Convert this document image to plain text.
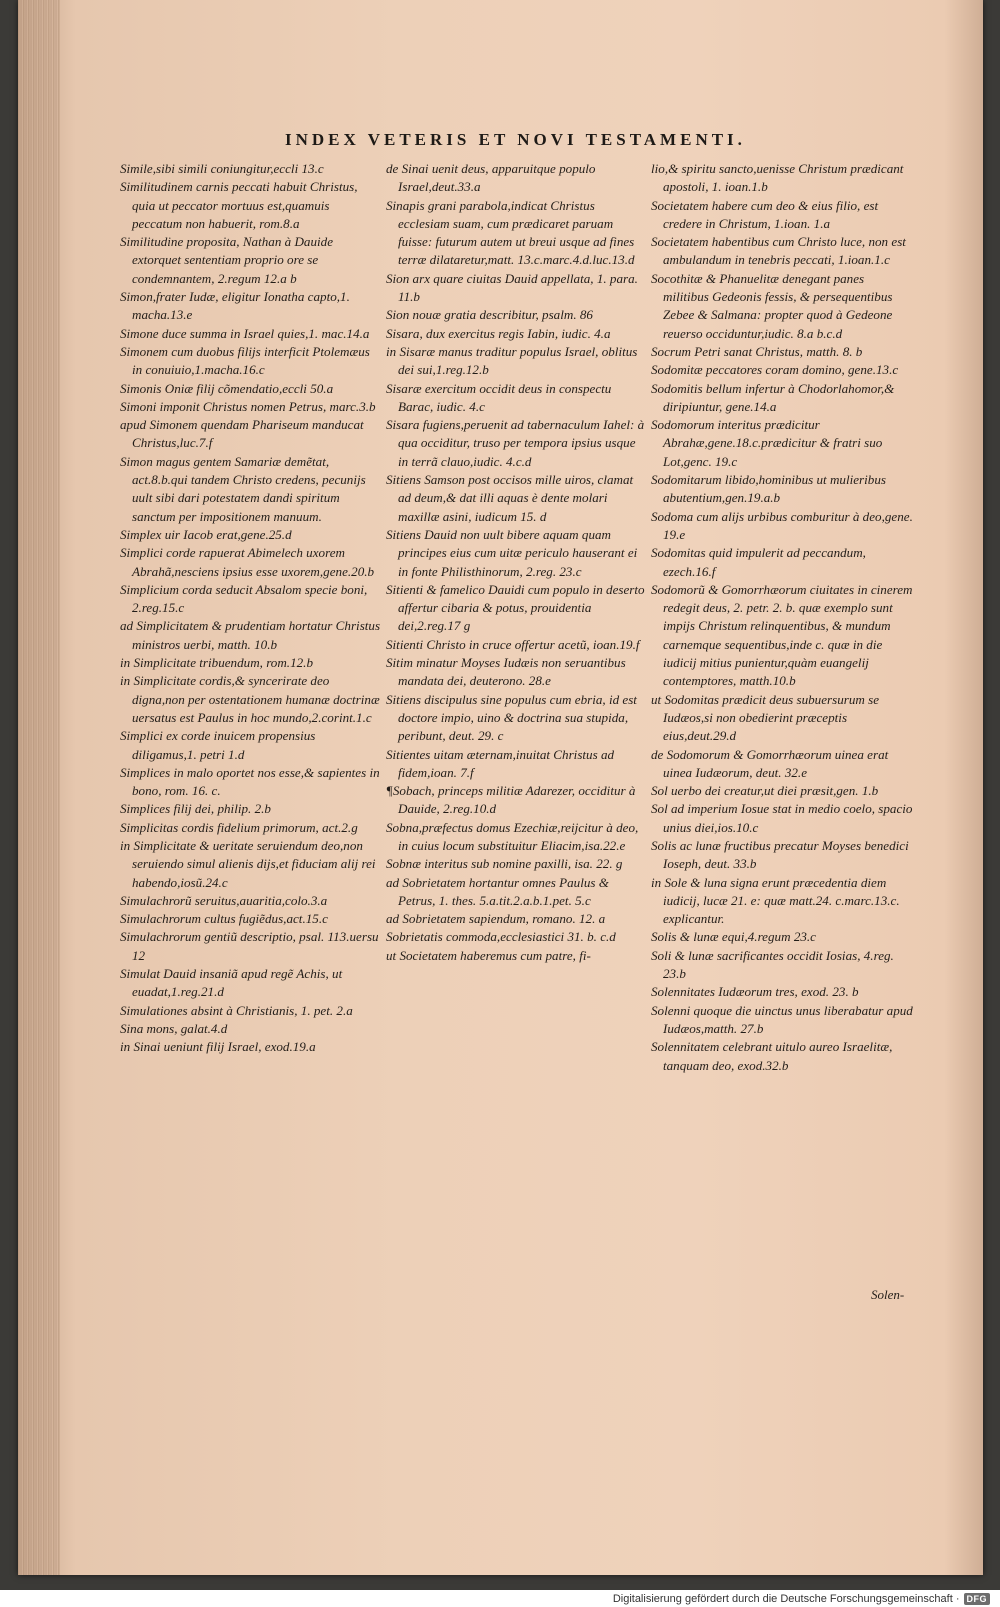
INDEX VETERIS ET NOVI TESTAMENTI.

Simile,sibi simili coniungitur,eccli 13.c

Similitudinem carnis peccati habuit Christus, quia ut peccator mortuus est,quamuis peccatum non habuerit, rom.8.a

Similitudine proposita, Nathan à Dauide extorquet sententiam proprio ore se condemnantem, 2.regum 12.a b

Simon,frater Iudæ, eligitur Ionatha capto,1. macha.13.e

Simone duce summa in Israel quies,1. mac.14.a

Simonem cum duobus filijs interficit Ptolemæus in conuiuio,1.macha.16.c

Simonis Oniæ filij cõmendatio,eccli 50.a

Simoni imponit Christus nomen Petrus, marc.3.b

apud Simonem quendam Phariseum manducat Christus,luc.7.f

Simon magus gentem Samariæ demẽtat, act.8.b.qui tandem Christo credens, pecunijs uult sibi dari potestatem dandi spiritum sanctum per impositionem manuum.

Simplex uir Iacob erat,gene.25.d

Simplici corde rapuerat Abimelech uxorem Abrahã,nesciens ipsius esse uxorem,gene.20.b

Simplicium corda seducit Absalom specie boni, 2.reg.15.c

ad Simplicitatem & prudentiam hortatur Christus ministros uerbi, matth. 10.b

in Simplicitate tribuendum, rom.12.b

in Simplicitate cordis,& syncerirate deo digna,non per ostentationem humanæ doctrinæ uersatus est Paulus in hoc mundo,2.corint.1.c

Simplici ex corde inuicem propensius diligamus,1. petri 1.d

Simplices in malo oportet nos esse,& sapientes in bono, rom. 16. c.

Simplices filij dei, philip. 2.b

Simplicitas cordis fidelium primorum, act.2.g

in Simplicitate & ueritate seruiendum deo,non seruiendo simul alienis dijs,et fiduciam alij rei habendo,iosũ.24.c

Simulachrorũ seruitus,auaritia,colo.3.a

Simulachrorum cultus fugiẽdus,act.15.c

Simulachrorum gentiũ descriptio, psal. 113.uersu 12

Simulat Dauid insaniã apud regẽ Achis, ut euadat,1.reg.21.d

Simulationes absint à Christianis, 1. pet. 2.a

Sina mons, galat.4.d

in Sinai ueniunt filij Israel, exod.19.a

de Sinai uenit deus, apparuitque populo Israel,deut.33.a

Sinapis grani parabola,indicat Christus ecclesiam suam, cum prædicaret paruam fuisse: futurum autem ut breui usque ad fines terræ dilataretur,matt. 13.c.marc.4.d.luc.13.d

Sion arx quare ciuitas Dauid appellata, 1. para. 11.b

Sion nouæ gratia describitur, psalm. 86

Sisara, dux exercitus regis Iabin, iudic. 4.a

in Sisaræ manus traditur populus Israel, oblitus dei sui,1.reg.12.b

Sisaræ exercitum occidit deus in conspectu Barac, iudic. 4.c

Sisara fugiens,peruenit ad tabernaculum Iahel: à qua occiditur, truso per tempora ipsius usque in terrã clauo,iudic. 4.c.d

Sitiens Samson post occisos mille uiros, clamat ad deum,& dat illi aquas è dente molari maxillæ asini, iudicum 15. d

Sitiens Dauid non uult bibere aquam quam principes eius cum uitæ periculo hauserant ei in fonte Philisthinorum, 2.reg. 23.c

Sitienti & famelico Dauidi cum populo in deserto affertur cibaria & potus, prouidentia dei,2.reg.17 g

Sitienti Christo in cruce offertur acetũ, ioan.19.f

Sitim minatur Moyses Iudæis non seruantibus mandata dei, deuterono. 28.e

Sitiens discipulus sine populus cum ebria, id est doctore impio, uino & doctrina sua stupida, peribunt, deut. 29. c

Sitientes uitam æternam,inuitat Christus ad fidem,ioan. 7.f

¶Sobach, princeps militiæ Adarezer, occiditur à Dauide, 2.reg.10.d

Sobna,præfectus domus Ezechiæ,reijcitur à deo, in cuius locum substituitur Eliacim,isa.22.e

Sobnæ interitus sub nomine paxilli, isa. 22. g

ad Sobrietatem hortantur omnes Paulus & Petrus, 1. thes. 5.a.tit.2.a.b.1.pet. 5.c

ad Sobrietatem sapiendum, romano. 12. a

Sobrietatis commoda,ecclesiastici 31. b. c.d

ut Societatem haberemus cum patre, fi-

lio,& spiritu sancto,uenisse Christum prædicant apostoli, 1. ioan.1.b

Societatem habere cum deo & eius filio, est credere in Christum, 1.ioan. 1.a

Societatem habentibus cum Christo luce, non est ambulandum in tenebris peccati, 1.ioan.1.c

Socothitæ & Phanuelitæ denegant panes militibus Gedeonis fessis, & persequentibus Zebee & Salmana: propter quod à Gedeone reuerso occiduntur,iudic. 8.a b.c.d

Socrum Petri sanat Christus, matth. 8. b

Sodomitæ peccatores coram domino, gene.13.c

Sodomitis bellum infertur à Chodorlahomor,& diripiuntur, gene.14.a

Sodomorum interitus prædicitur Abrahæ,gene.18.c.prædicitur & fratri suo Lot,genc. 19.c

Sodomitarum libido,hominibus ut mulieribus abutentium,gen.19.a.b

Sodoma cum alijs urbibus comburitur à deo,gene. 19.e

Sodomitas quid impulerit ad peccandum, ezech.16.f

Sodomorũ & Gomorrhæorum ciuitates in cinerem redegit deus, 2. petr. 2. b. quæ exemplo sunt impijs Christum relinquentibus, & mundum carnemque sequentibus,inde c. quæ in die iudicij mitius punientur,quàm euangelij contemptores, matth.10.b

ut Sodomitas prædicit deus subuersurum se Iudæos,si non obedierint præceptis eius,deut.29.d

de Sodomorum & Gomorrhæorum uinea erat uinea Iudæorum, deut. 32.e

Sol uerbo dei creatur,ut diei præsit,gen. 1.b

Sol ad imperium Iosue stat in medio coelo, spacio unius diei,ios.10.c

Solis ac lunæ fructibus precatur Moyses benedici Ioseph, deut. 33.b

in Sole & luna signa erunt præcedentia diem iudicij, lucæ 21. e: quæ matt.24. c.marc.13.c. explicantur.

Solis & lunæ equi,4.regum 23.c

Soli & lunæ sacrificantes occidit Iosias, 4.reg. 23.b

Solennitates Iudæorum tres, exod. 23. b

Solenni quoque die uinctus unus liberabatur apud Iudæos,matth. 27.b

Solennitatem celebrant uitulo aureo Israelitæ, tanquam deo, exod.32.b

Solen-
Digitalisierung gefördert durch die Deutsche Forschungsgemeinschaft · DFG
